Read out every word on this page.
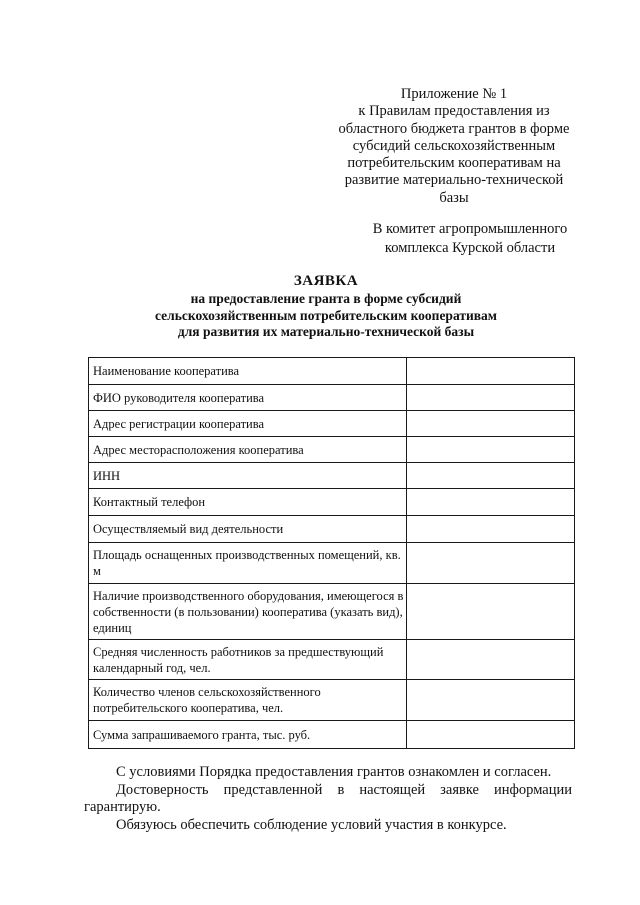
Приложение № 1
к Правилам предоставления из
областного бюджета грантов в форме
субсидий сельскохозяйственным
потребительским кооперативам на
развитие материально-технической
базы
В комитет агропромышленного
комплекса Курской области
ЗАЯВКА
на предоставление гранта в форме субсидий
сельскохозяйственным потребительским кооперативам
для развития их материально-технической базы
Наименование кооператива	
ФИО руководителя кооператива	
Адрес регистрации кооператива	
Адрес месторасположения кооператива	
ИНН	
Контактный телефон	
Осуществляемый вид деятельности	
Площадь оснащенных производственных помещений, кв. м	
Наличие производственного оборудования, имеющегося в собственности (в пользовании) кооператива (указать вид), единиц	
Средняя численность работников за предшествующий календарный год, чел.	
Количество членов сельскохозяйственного потребительского кооператива, чел.	
Сумма запрашиваемого гранта, тыс. руб.	

С условиями Порядка предоставления грантов ознакомлен и согласен.

Достоверность представленной в настоящей заявке информации гарантирую.

Обязуюсь обеспечить соблюдение условий участия в конкурсе.
